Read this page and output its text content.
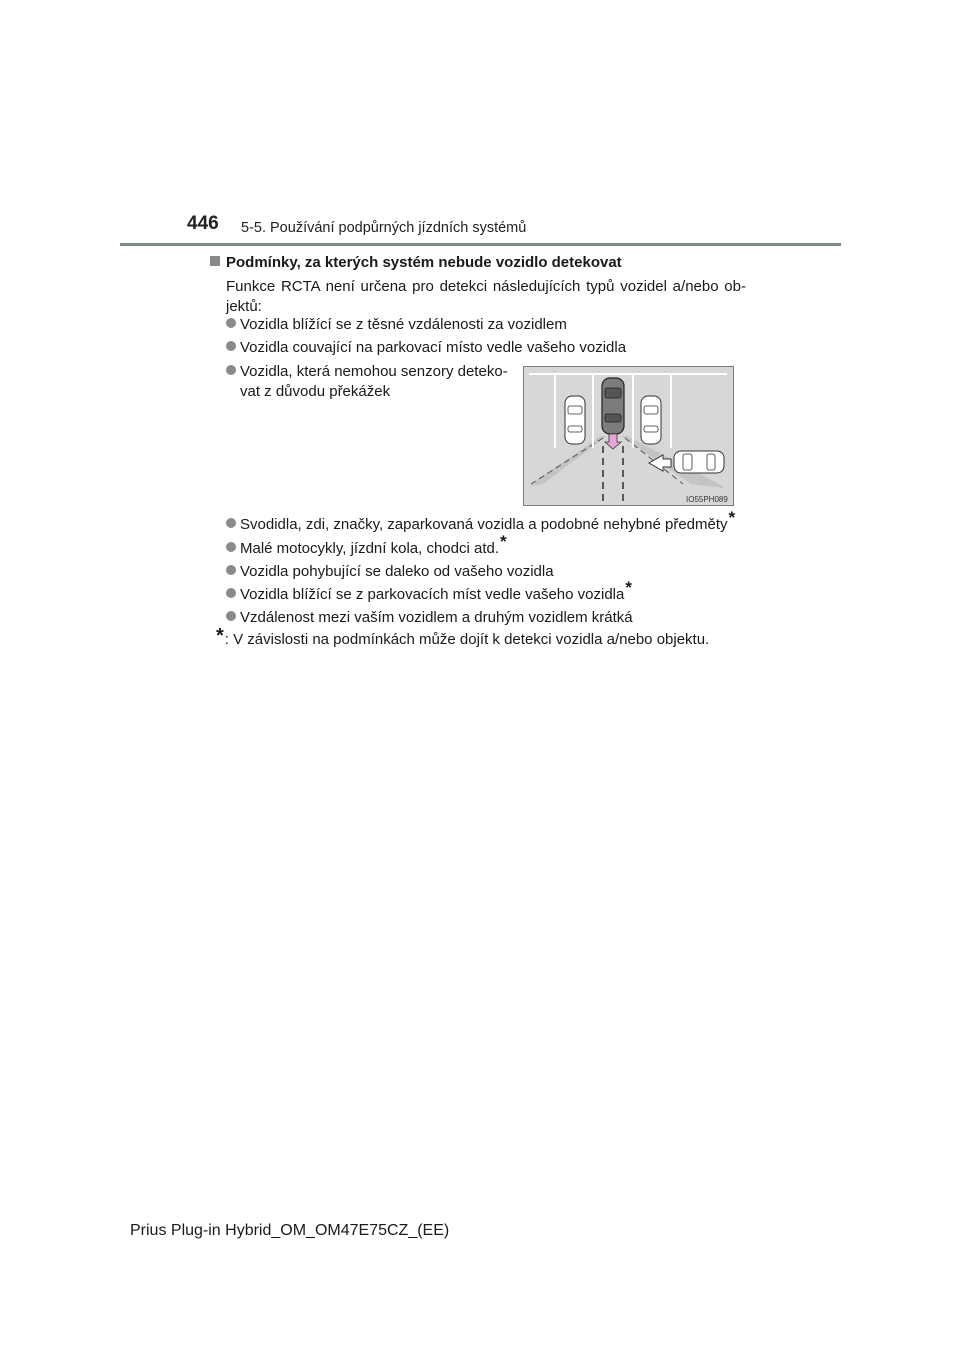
446 5-5. Používání podpůrných jízdních systémů
Podmínky, za kterých systém nebude vozidlo detekovat
Funkce RCTA není určena pro detekci následujících typů vozidel a/nebo ob-jektů:
Vozidla blížící se z těsné vzdálenosti za vozidlem
Vozidla couvající na parkovací místo vedle vašeho vozidla
Vozidla, která nemohou senzory deteko-vat z důvodu překážek
IO55PH089
Svodidla, zdi, značky, zaparkovaná vozidla a podobné nehybné předměty*
Malé motocykly, jízdní kola, chodci atd.*
Vozidla pohybující se daleko od vašeho vozidla
Vozidla blížící se z parkovacích míst vedle vašeho vozidla*
Vzdálenost mezi vaším vozidlem a druhým vozidlem krátká
*: V závislosti na podmínkách může dojít k detekci vozidla a/nebo objektu.
Prius Plug-in Hybrid_OM_OM47E75CZ_(EE)
